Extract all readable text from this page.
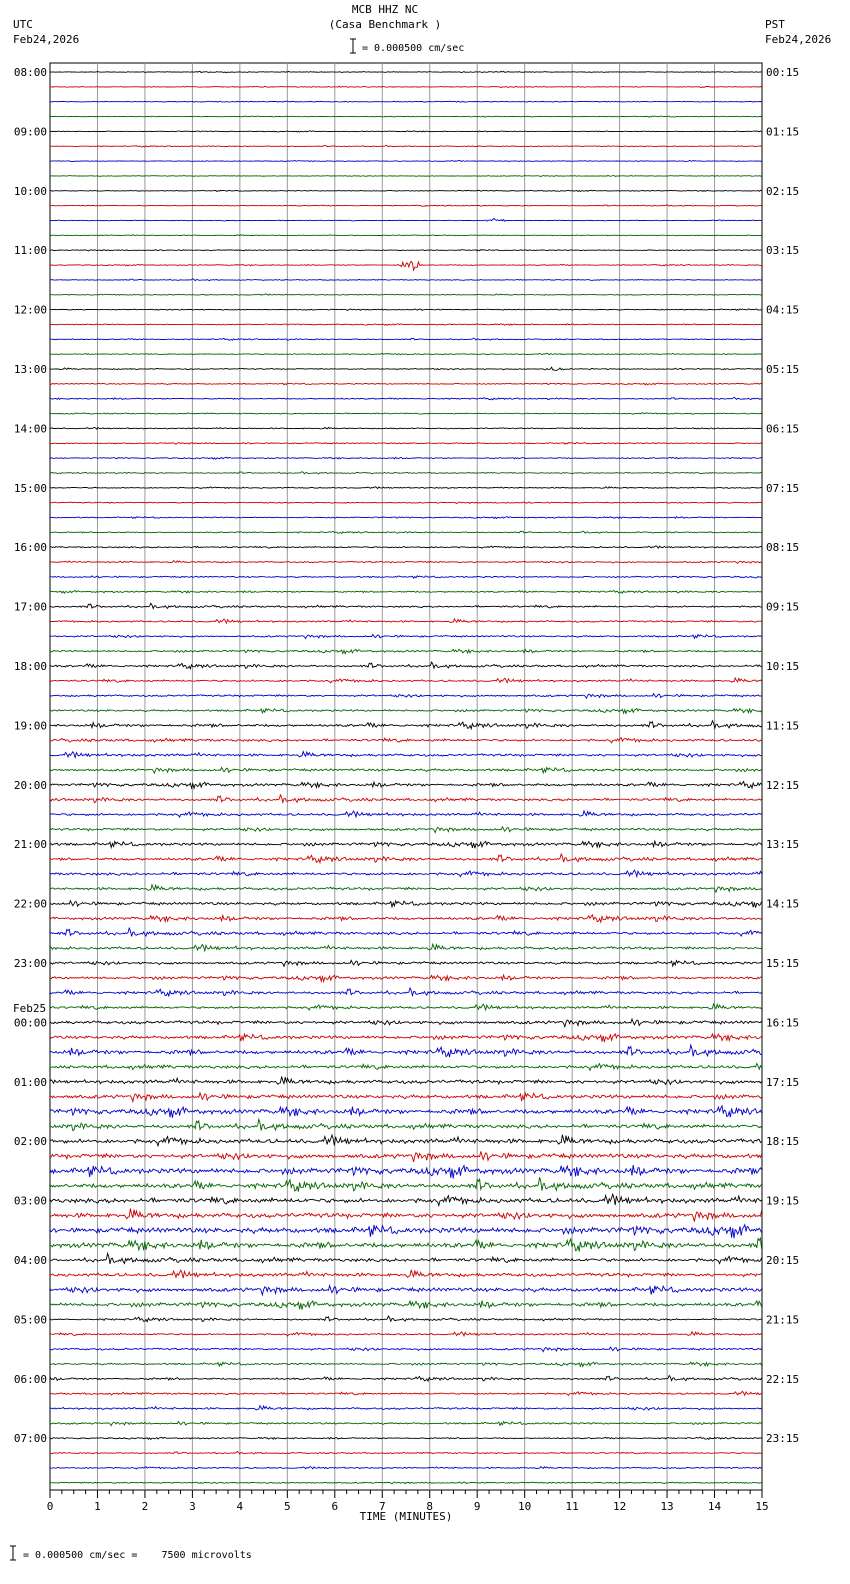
MCB HHZ NC
(Casa Benchmark )
UTC
Feb24,2026
PST
Feb24,2026
= 0.000500 cm/sec
Feb25
08:00	00:15
09:00	01:15
10:00	02:15
11:00	03:15
12:00	04:15
13:00	05:15
14:00	06:15
15:00	07:15
16:00	08:15
17:00	09:15
18:00	10:15
19:00	11:15
20:00	12:15
21:00	13:15
22:00	14:15
23:00	15:15
00:00	16:15
01:00	17:15
02:00	18:15
03:00	19:15
04:00	20:15
05:00	21:15
06:00	22:15
07:00	23:15
0	1	2	3	4	5	6	7	8	9	10	11	12	13	14	15
TIME (MINUTES)
= 0.000500 cm/sec =    7500 microvolts
